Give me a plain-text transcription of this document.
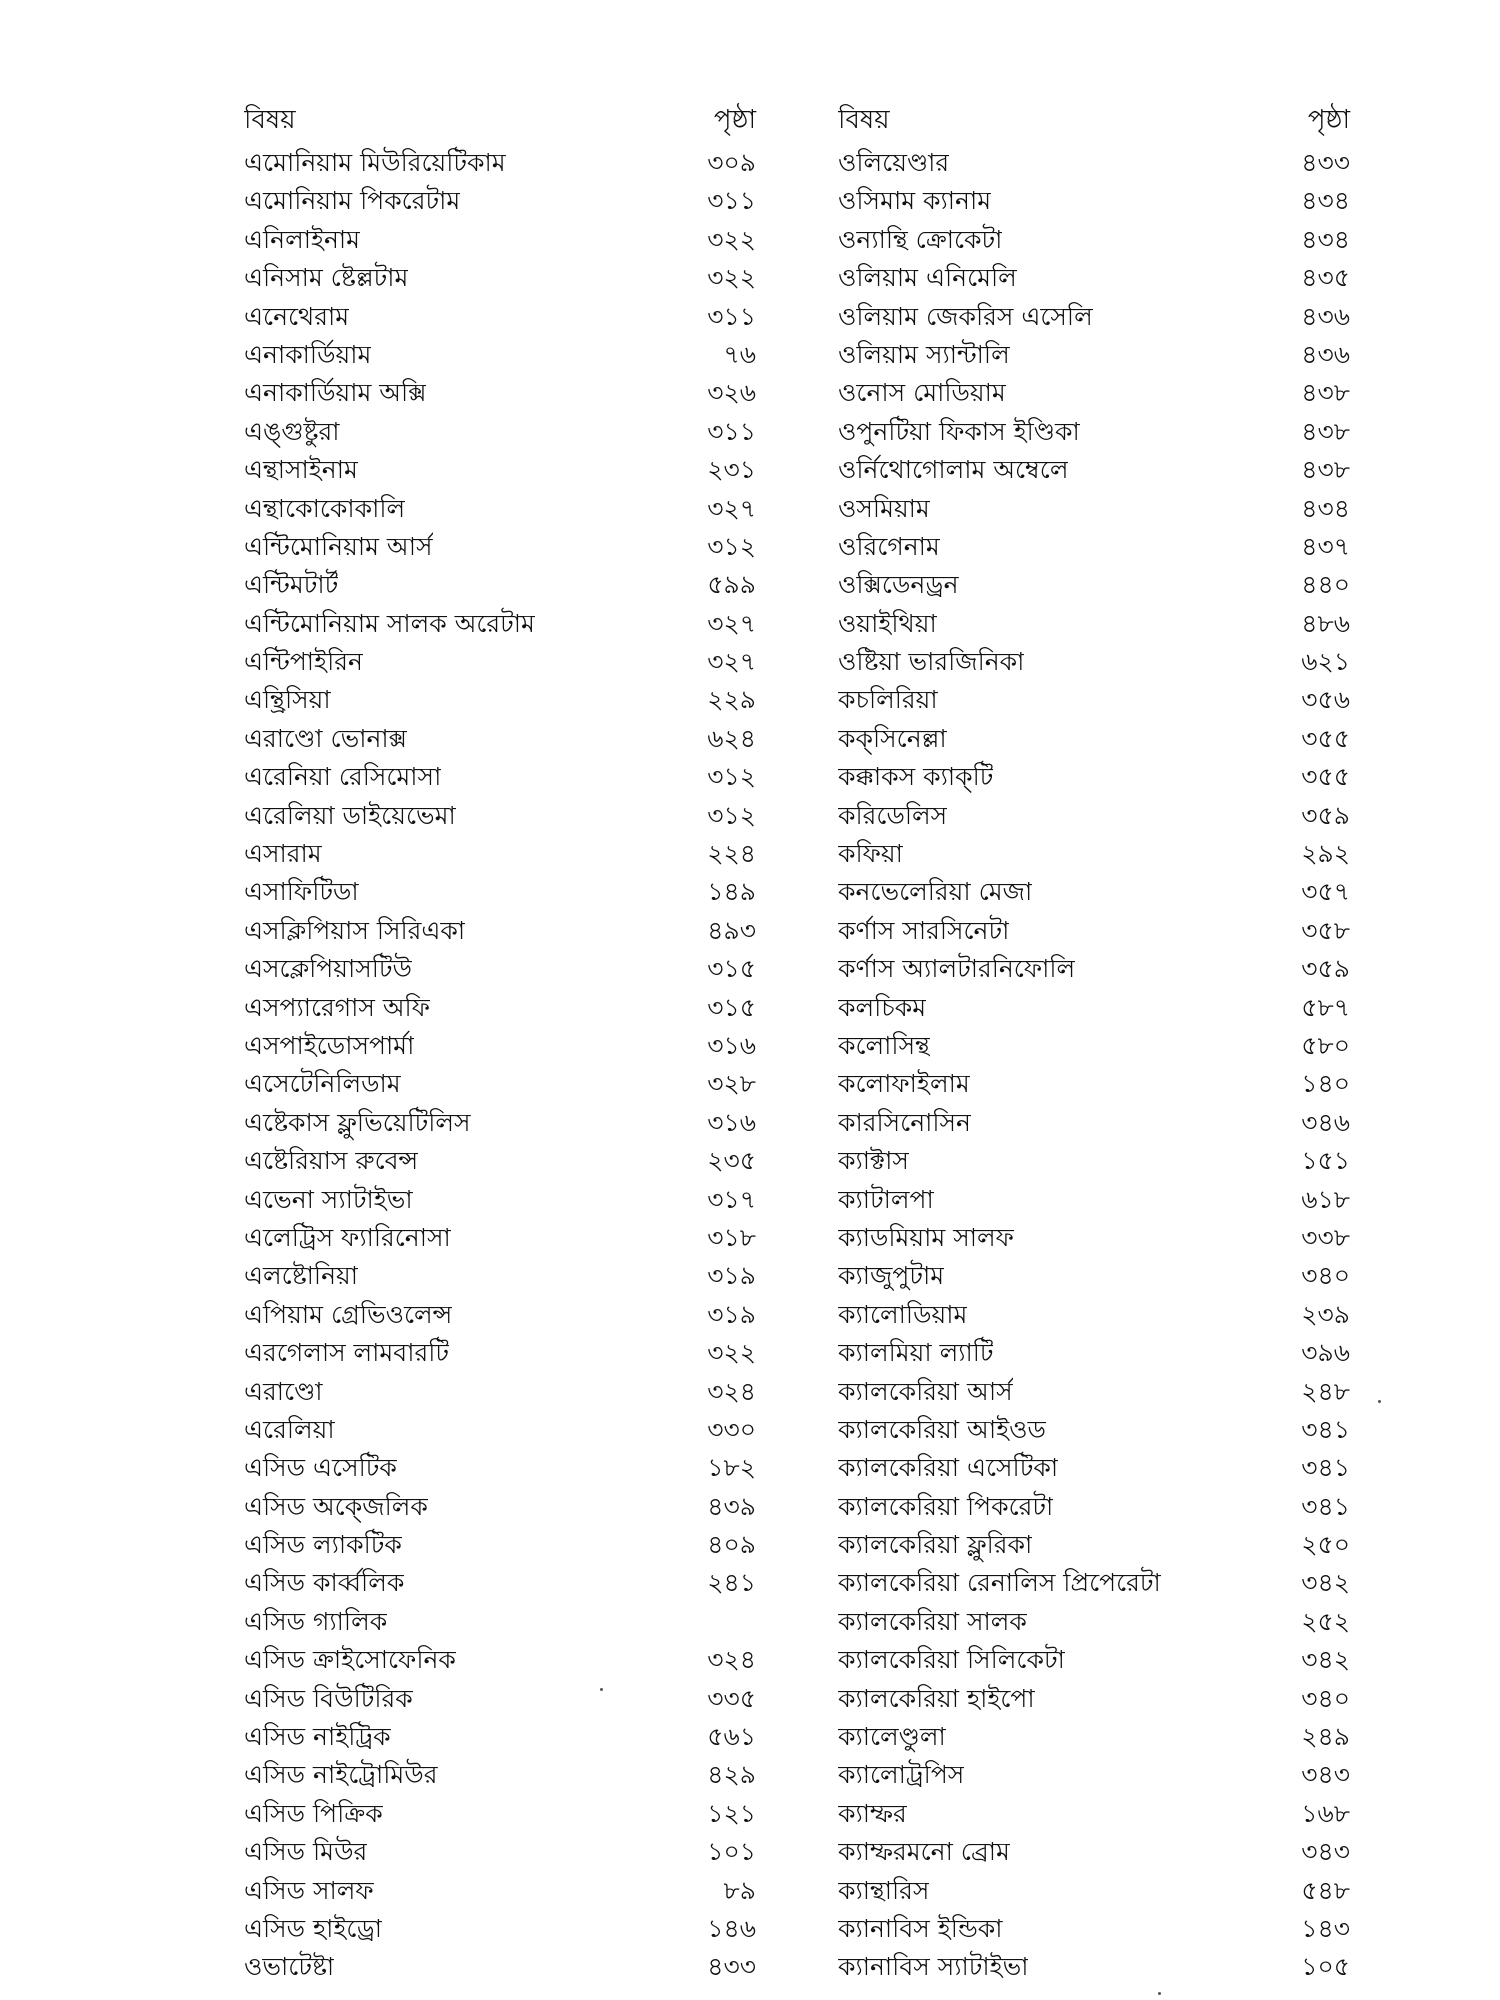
বিষয়	পৃষ্ঠা
এমোনিয়াম মিউরিয়েটিকাম	৩০৯
এমোনিয়াম পিকরেটাম	৩১১
এনিলাইনাম	৩২২
এনিসাম ষ্টেল্লটাম	৩২২
এনেথেরাম	৩১১
এনাকার্ডিয়াম	৭৬
এনাকার্ডিয়াম অক্সি	৩২৬
এঙ্গুষ্টুরা	৩১১
এন্থাসাইনাম	২৩১
এন্থাকোকোকালি	৩২৭
এন্টিমোনিয়াম আর্স	৩১২
এন্টিমটার্ট	৫৯৯
এন্টিমোনিয়াম সালক অরেটাম	৩২৭
এন্টিপাইরিন	৩২৭
এন্থ্রিসিয়া	২২৯
এরাণ্ডো ভোনাক্স	৬২৪
এরেনিয়া রেসিমোসা	৩১২
এরেলিয়া ডাইয়েভেমা	৩১২
এসারাম	২২৪
এসাফিটিডা	১৪৯
এসক্লিপিয়াস সিরিএকা	৪৯৩
এসক্লেপিয়াসটিউ	৩১৫
এসপ্যারেগাস অফি	৩১৫
এসপাইডোসপার্মা	৩১৬
এসেটেনিলিডাম	৩২৮
এষ্টেকাস ফ্লুভিয়েটিলিস	৩১৬
এষ্টেরিয়াস রুবেন্স	২৩৫
এভেনা স্যাটাইভা	৩১৭
এলেট্রিস ফ্যারিনোসা	৩১৮
এলষ্টোনিয়া	৩১৯
এপিয়াম গ্রেভিওলেন্স	৩১৯
এরগেলাস লামবারটি	৩২২
এরাণ্ডো	৩২৪
এরেলিয়া	৩৩০
এসিড এসেটিক	১৮২
এসিড অক্জেলিক	৪৩৯
এসিড ল্যাকটিক	৪০৯
এসিড কার্ব্বলিক	২৪১
এসিড গ্যালিক
এসিড ক্রাইসোফেনিক	৩২৪
এসিড বিউটিরিক	৩৩৫
এসিড নাইট্রিক	৫৬১
এসিড নাইট্রোমিউর	৪২৯
এসিড পিক্রিক	১২১
এসিড মিউর	১০১
এসিড সালফ	৮৯
এসিড হাইড্রো	১৪৬
ওভাটেষ্টা	৪৩৩
বিষয়	পৃষ্ঠা
ওলিয়েণ্ডার	৪৩৩
ওসিমাম ক্যানাম	৪৩৪
ওন্যান্থি ক্রোকেটা	৪৩৪
ওলিয়াম এনিমেলি	৪৩৫
ওলিয়াম জেকরিস এসেলি	৪৩৬
ওলিয়াম স্যান্টালি	৪৩৬
ওনোস মোডিয়াম	৪৩৮
ওপুনটিয়া ফিকাস ইণ্ডিকা	৪৩৮
ওর্নিথোগোলাম অম্বেলে	৪৩৮
ওসমিয়াম	৪৩৪
ওরিগেনাম	৪৩৭
ওক্সিডেনড্রন	৪৪০
ওয়াইথিয়া	৪৮৬
ওষ্টিয়া ভারজিনিকা	৬২১
কচলিরিয়া	৩৫৬
কক্‌সিনেল্লা	৩৫৫
কক্কাকস ক্যাক্‌টি	৩৫৫
করিডেলিস	৩৫৯
কফিয়া	২৯২
কনভেলেরিয়া মেজা	৩৫৭
কর্ণাস সারসিনেটা	৩৫৮
কর্ণাস অ্যালটারনিফোলি	৩৫৯
কলচিকম	৫৮৭
কলোসিন্থ	৫৮০
কলোফাইলাম	১৪০
কারসিনোসিন	৩৪৬
ক্যাক্টাস	১৫১
ক্যাটালপা	৬১৮
ক্যাডমিয়াম সালফ	৩৩৮
ক্যাজুপুটাম	৩৪০
ক্যালোডিয়াম	২৩৯
ক্যালমিয়া ল্যাটি	৩৯৬
ক্যালকেরিয়া আর্স	২৪৮
ক্যালকেরিয়া আইওড	৩৪১
ক্যালকেরিয়া এসেটিকা	৩৪১
ক্যালকেরিয়া পিকরেটা	৩৪১
ক্যালকেরিয়া ফ্লুরিকা	২৫০
ক্যালকেরিয়া রেনালিস প্রিপেরেটা	৩৪২
ক্যালকেরিয়া সালক	২৫২
ক্যালকেরিয়া সিলিকেটা	৩৪২
ক্যালকেরিয়া হাইপো	৩৪০
ক্যালেণ্ডুলা	২৪৯
ক্যালোট্রপিস	৩৪৩
ক্যাম্ফর	১৬৮
ক্যাম্ফরমনো ব্রোম	৩৪৩
ক্যান্থারিস	৫৪৮
ক্যানাবিস ইন্ডিকা	১৪৩
ক্যানাবিস স্যাটাইভা	১০৫
